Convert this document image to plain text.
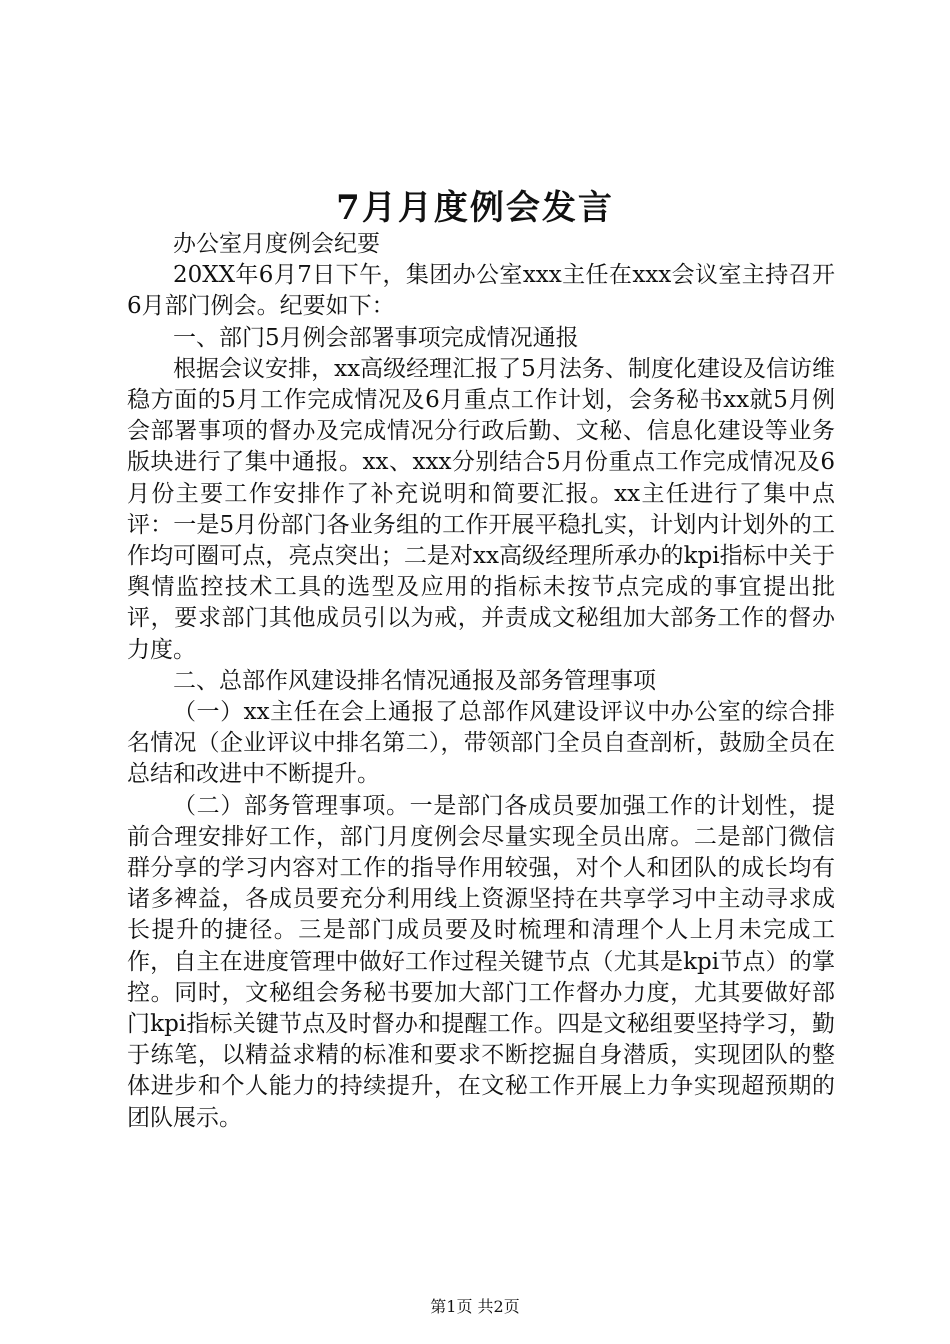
7月月度例会发言

办公室月度例会纪要

20XX年6月7日下午，集团办公室xxx主任在xxx会议室主持召开6月部门例会。纪要如下：

一、部门5月例会部署事项完成情况通报

根据会议安排，xx高级经理汇报了5月法务、制度化建设及信访维稳方面的5月工作完成情况及6月重点工作计划，会务秘书xx就5月例会部署事项的督办及完成情况分行政后勤、文秘、信息化建设等业务版块进行了集中通报。xx、xxx分别结合5月份重点工作完成情况及6月份主要工作安排作了补充说明和简要汇报。xx主任进行了集中点评：一是5月份部门各业务组的工作开展平稳扎实，计划内计划外的工作均可圈可点，亮点突出；二是对xx高级经理所承办的kpi指标中关于舆情监控技术工具的选型及应用的指标未按节点完成的事宜提出批评，要求部门其他成员引以为戒，并责成文秘组加大部务工作的督办力度。

二、总部作风建设排名情况通报及部务管理事项

（一）xx主任在会上通报了总部作风建设评议中办公室的综合排名情况（企业评议中排名第二），带领部门全员自查剖析，鼓励全员在总结和改进中不断提升。

（二）部务管理事项。一是部门各成员要加强工作的计划性，提前合理安排好工作，部门月度例会尽量实现全员出席。二是部门微信群分享的学习内容对工作的指导作用较强，对个人和团队的成长均有诸多裨益，各成员要充分利用线上资源坚持在共享学习中主动寻求成长提升的捷径。三是部门成员要及时梳理和清理个人上月未完成工作，自主在进度管理中做好工作过程关键节点（尤其是kpi节点）的掌控。同时，文秘组会务秘书要加大部门工作督办力度，尤其要做好部门kpi指标关键节点及时督办和提醒工作。四是文秘组要坚持学习，勤于练笔，以精益求精的标准和要求不断挖掘自身潜质，实现团队的整体进步和个人能力的持续提升，在文秘工作开展上力争实现超预期的团队展示。

第1页 共2页
